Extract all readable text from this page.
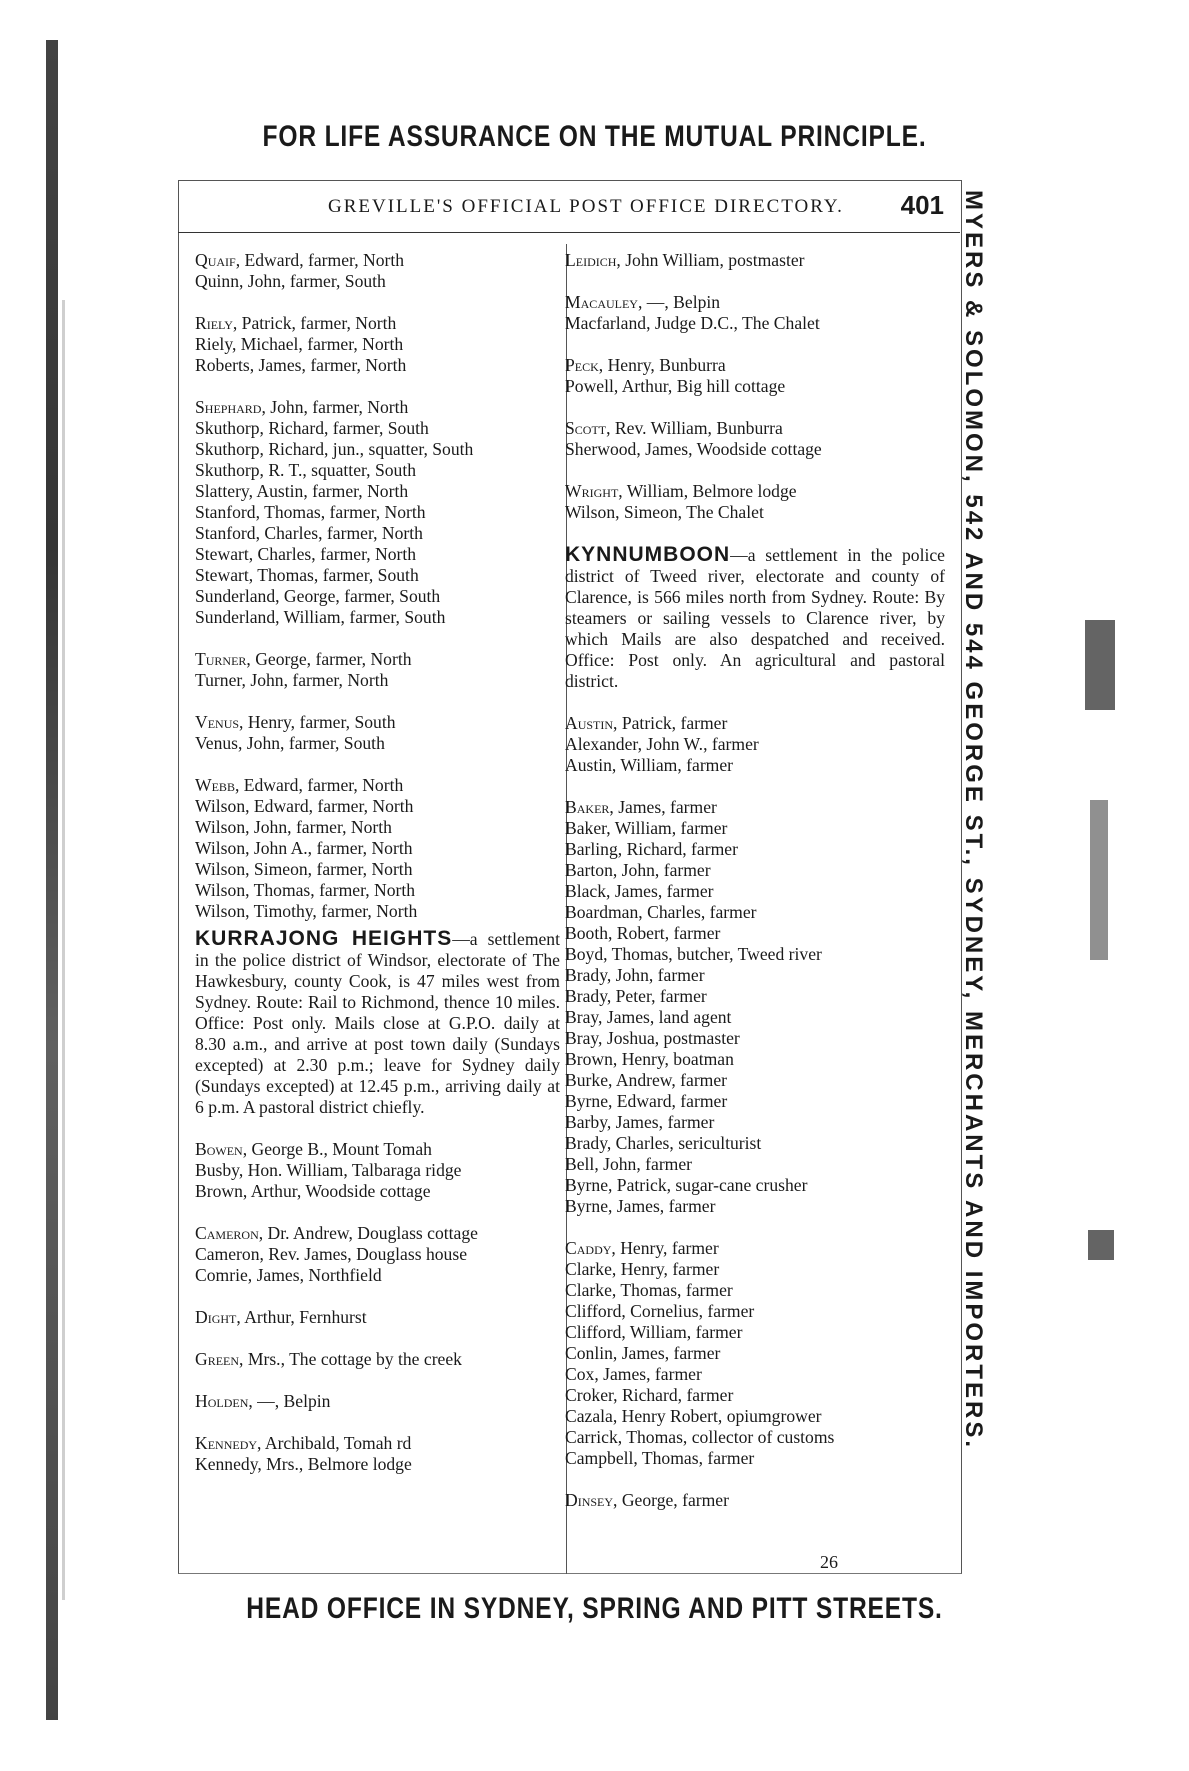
FOR LIFE ASSURANCE ON THE MUTUAL PRINCIPLE.
GREVILLE'S OFFICIAL POST OFFICE DIRECTORY. 401 MYERS & SOLOMON, 542 AND 544 GEORGE ST., SYDNEY, MERCHANTS AND IMPORTERS.
Quaif, Edward, farmer, North
Quinn, John, farmer, South
Riely, Patrick, farmer, North
Riely, Michael, farmer, North
Roberts, James, farmer, North
Shephard, John, farmer, North
Skuthorp, Richard, farmer, South
Skuthorp, Richard, jun., squatter, South
Skuthorp, R. T., squatter, South
Slattery, Austin, farmer, North
Stanford, Thomas, farmer, North
Stanford, Charles, farmer, North
Stewart, Charles, farmer, North
Stewart, Thomas, farmer, South
Sunderland, George, farmer, South
Sunderland, William, farmer, South
Turner, George, farmer, North
Turner, John, farmer, North
Venus, Henry, farmer, South
Venus, John, farmer, South
Webb, Edward, farmer, North
Wilson, Edward, farmer, North
Wilson, John, farmer, North
Wilson, John A., farmer, North
Wilson, Simeon, farmer, North
Wilson, Thomas, farmer, North
Wilson, Timothy, farmer, North
KURRAJONG HEIGHTS—a settlement in the police district of Windsor, electorate of The Hawkesbury, county Cook, is 47 miles west from Sydney. Route: Rail to Richmond, thence 10 miles. Office: Post only. Mails close at G.P.O. daily at 8.30 a.m., and arrive at post town daily (Sundays excepted) at 2.30 p.m.; leave for Sydney daily (Sundays excepted) at 12.45 p.m., arriving daily at 6 p.m. A pastoral district chiefly.
Bowen, George B., Mount Tomah
Busby, Hon. William, Talbaraga ridge
Brown, Arthur, Woodside cottage
Cameron, Dr. Andrew, Douglass cottage
Cameron, Rev. James, Douglass house
Comrie, James, Northfield
Dight, Arthur, Fernhurst
Green, Mrs., The cottage by the creek
Holden, —, Belpin
Kennedy, Archibald, Tomah rd
Kennedy, Mrs., Belmore lodge
Leidich, John William, postmaster
Macauley, —, Belpin
Macfarland, Judge D.C., The Chalet
Peck, Henry, Bunburra
Powell, Arthur, Big hill cottage
Scott, Rev. William, Bunburra
Sherwood, James, Woodside cottage
Wright, William, Belmore lodge
Wilson, Simeon, The Chalet
KYNNUMBOON—a settlement in the police district of Tweed river, electorate and county of Clarence, is 566 miles north from Sydney. Route: By steamers or sailing vessels to Clarence river, by which Mails are also despatched and received. Office: Post only. An agricultural and pastoral district.
Austin, Patrick, farmer
Alexander, John W., farmer
Austin, William, farmer
Baker, James, farmer
Baker, William, farmer
Barling, Richard, farmer
Barton, John, farmer
Black, James, farmer
Boardman, Charles, farmer
Booth, Robert, farmer
Boyd, Thomas, butcher, Tweed river
Brady, John, farmer
Brady, Peter, farmer
Bray, James, land agent
Bray, Joshua, postmaster
Brown, Henry, boatman
Burke, Andrew, farmer
Byrne, Edward, farmer
Barby, James, farmer
Brady, Charles, sericulturist
Bell, John, farmer
Byrne, Patrick, sugar-cane crusher
Byrne, James, farmer
Caddy, Henry, farmer
Clarke, Henry, farmer
Clarke, Thomas, farmer
Clifford, Cornelius, farmer
Clifford, William, farmer
Conlin, James, farmer
Cox, James, farmer
Croker, Richard, farmer
Cazala, Henry Robert, opiumgrower
Carrick, Thomas, collector of customs
Campbell, Thomas, farmer
Dinsey, George, farmer
26
HEAD OFFICE IN SYDNEY, SPRING AND PITT STREETS.
